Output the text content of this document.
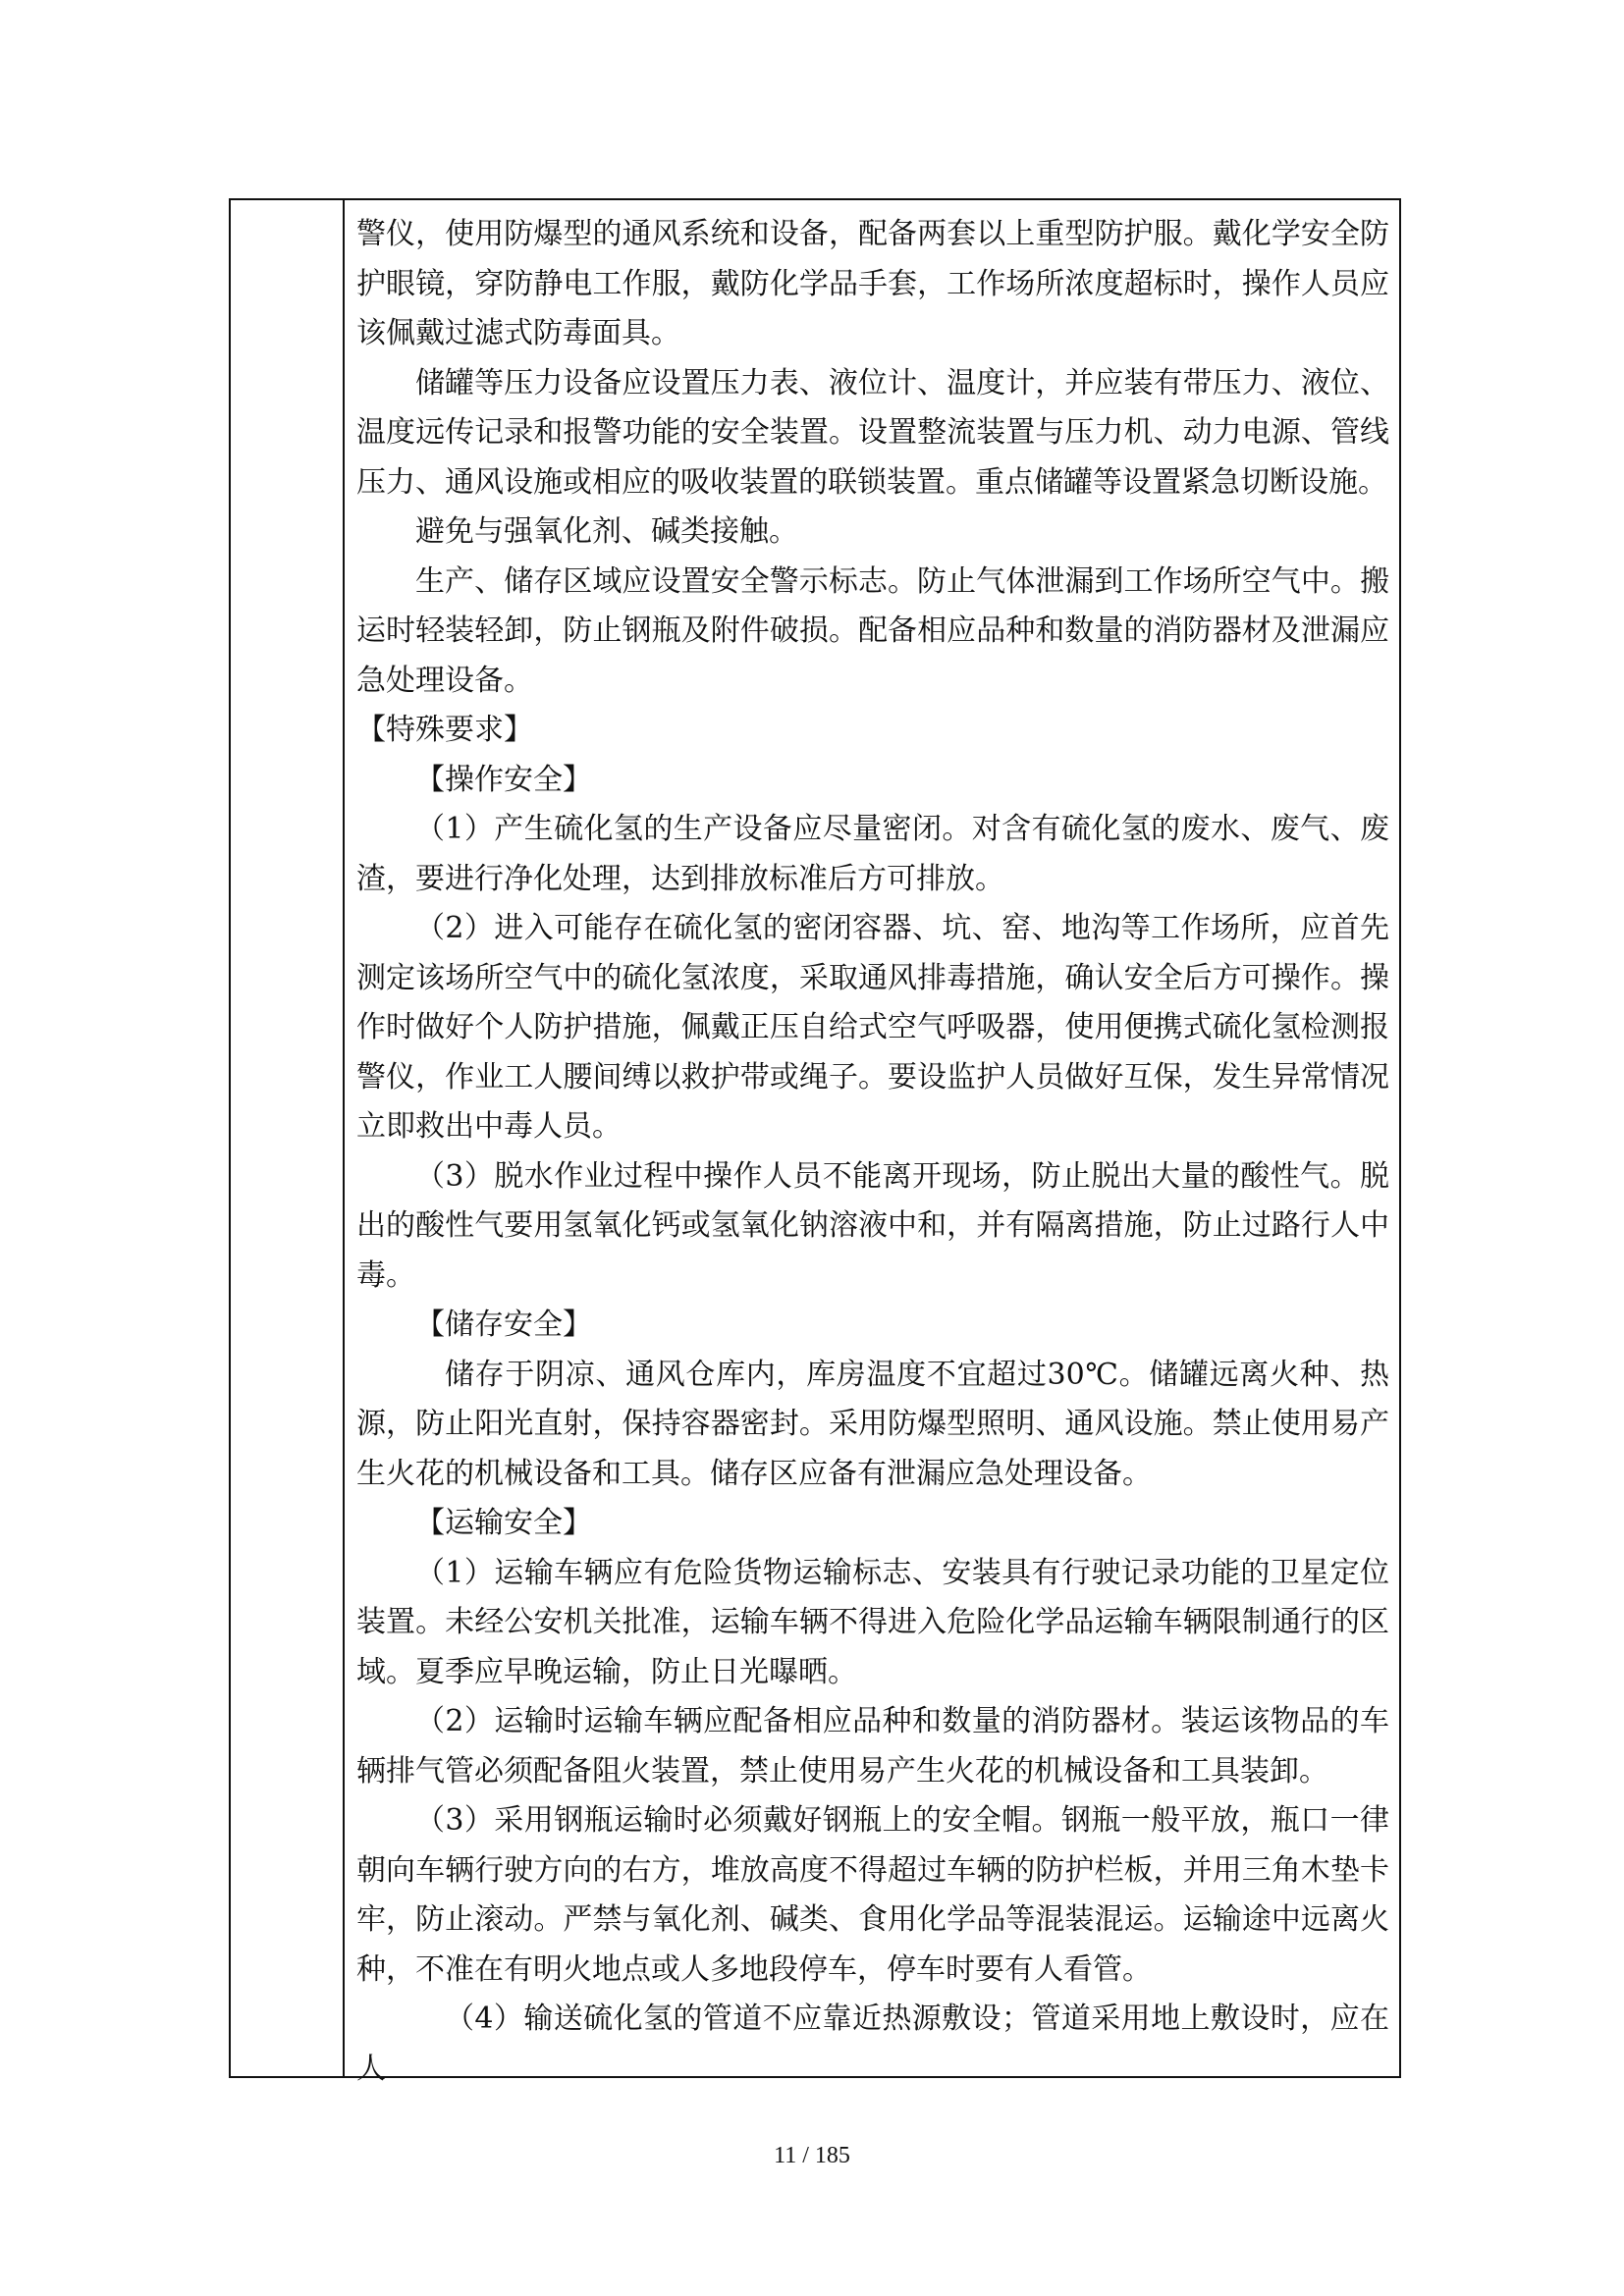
警仪，使用防爆型的通风系统和设备，配备两套以上重型防护服。戴化学安全防护眼镜，穿防静电工作服，戴防化学品手套，工作场所浓度超标时，操作人员应该佩戴过滤式防毒面具。

储罐等压力设备应设置压力表、液位计、温度计，并应装有带压力、液位、温度远传记录和报警功能的安全装置。设置整流装置与压力机、动力电源、管线压力、通风设施或相应的吸收装置的联锁装置。重点储罐等设置紧急切断设施。

避免与强氧化剂、碱类接触。

生产、储存区域应设置安全警示标志。防止气体泄漏到工作场所空气中。搬运时轻装轻卸，防止钢瓶及附件破损。配备相应品种和数量的消防器材及泄漏应急处理设备。

【特殊要求】

【操作安全】

（1）产生硫化氢的生产设备应尽量密闭。对含有硫化氢的废水、废气、废渣，要进行净化处理，达到排放标准后方可排放。

（2）进入可能存在硫化氢的密闭容器、坑、窑、地沟等工作场所，应首先测定该场所空气中的硫化氢浓度，采取通风排毒措施，确认安全后方可操作。操作时做好个人防护措施，佩戴正压自给式空气呼吸器，使用便携式硫化氢检测报警仪，作业工人腰间缚以救护带或绳子。要设监护人员做好互保，发生异常情况立即救出中毒人员。

（3）脱水作业过程中操作人员不能离开现场，防止脱出大量的酸性气。脱出的酸性气要用氢氧化钙或氢氧化钠溶液中和，并有隔离措施，防止过路行人中毒。

【储存安全】

储存于阴凉、通风仓库内，库房温度不宜超过30℃。储罐远离火种、热源，防止阳光直射，保持容器密封。采用防爆型照明、通风设施。禁止使用易产生火花的机械设备和工具。储存区应备有泄漏应急处理设备。

【运输安全】

（1）运输车辆应有危险货物运输标志、安装具有行驶记录功能的卫星定位装置。未经公安机关批准，运输车辆不得进入危险化学品运输车辆限制通行的区域。夏季应早晚运输，防止日光曝晒。

（2）运输时运输车辆应配备相应品种和数量的消防器材。装运该物品的车辆排气管必须配备阻火装置，禁止使用易产生火花的机械设备和工具装卸。

（3）采用钢瓶运输时必须戴好钢瓶上的安全帽。钢瓶一般平放，瓶口一律朝向车辆行驶方向的右方，堆放高度不得超过车辆的防护栏板，并用三角木垫卡牢，防止滚动。严禁与氧化剂、碱类、食用化学品等混装混运。运输途中远离火种，不准在有明火地点或人多地段停车，停车时要有人看管。

（4）输送硫化氢的管道不应靠近热源敷设；管道采用地上敷设时，应在人

11 / 185
